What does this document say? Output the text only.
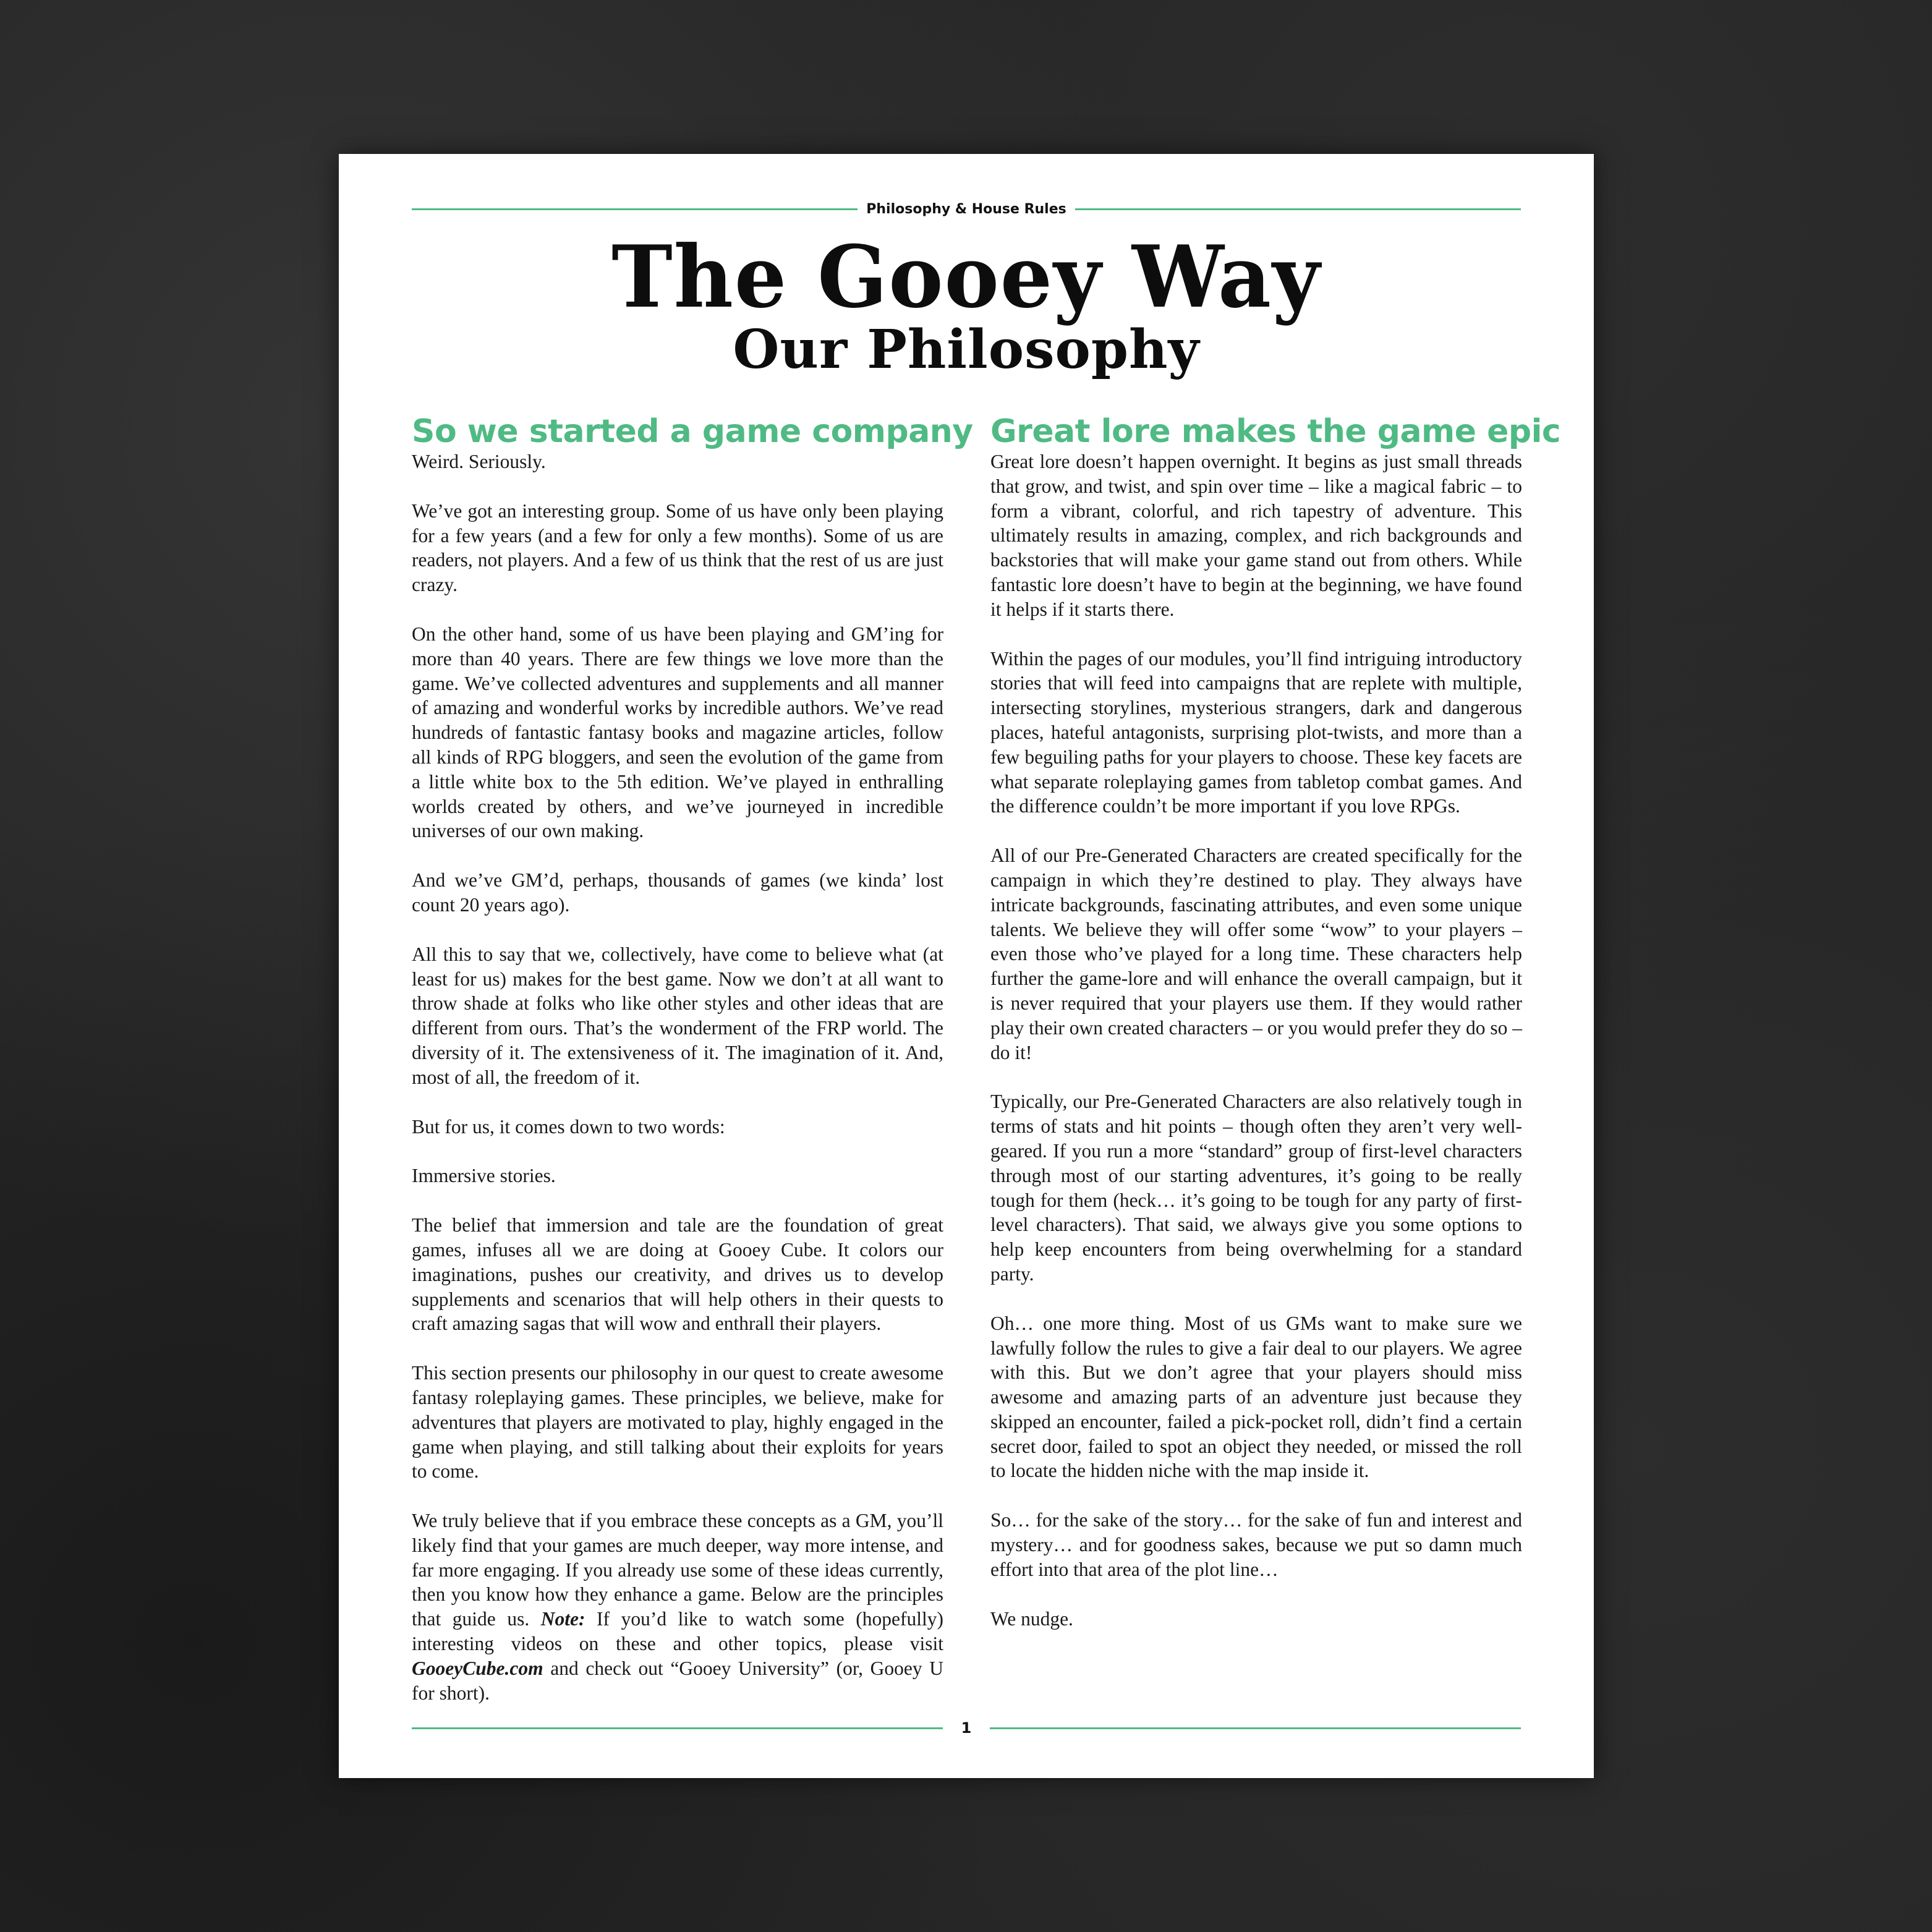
Philosophy & House Rules
The Gooey Way
Our Philosophy
So we started a game company

Weird. Seriously.

We’ve got an interesting group. Some of us have only been playing for a few years (and a few for only a few months). Some of us are readers, not players. And a few of us think that the rest of us are just crazy.

On the other hand, some of us have been playing and GM’ing for more than 40 years. There are few things we love more than the game. We’ve collected adventures and supplements and all manner of amazing and wonderful works by incredible authors. We’ve read hundreds of fantastic fantasy books and magazine articles, follow all kinds of RPG bloggers, and seen the evolution of the game from a little white box to the 5th edition. We’ve played in enthralling worlds created by others, and we’ve journeyed in incredible universes of our own making.

And we’ve GM’d, perhaps, thousands of games (we kinda’ lost count 20 years ago).

All this to say that we, collectively, have come to believe what (at least for us) makes for the best game. Now we don’t at all want to throw shade at folks who like other styles and other ideas that are different from ours. That’s the wonderment of the FRP world. The diversity of it. The extensiveness of it. The imagination of it. And, most of all, the freedom of it.

But for us, it comes down to two words:

Immersive stories.

The belief that immersion and tale are the foundation of great games, infuses all we are doing at Gooey Cube. It colors our imaginations, pushes our creativity, and drives us to develop supplements and scenarios that will help others in their quests to craft amazing sagas that will wow and enthrall their players.

This section presents our philosophy in our quest to create awesome fantasy roleplaying games. These principles, we believe, make for adventures that players are motivated to play, highly engaged in the game when playing, and still talking about their exploits for years to come.

We truly believe that if you embrace these concepts as a GM, you’ll likely find that your games are much deeper, way more intense, and far more engaging. If you already use some of these ideas currently, then you know how they enhance a game. Below are the principles that guide us. Note: If you’d like to watch some (hopefully) interesting videos on these and other topics, please visit GooeyCube.com and check out “Gooey University” (or, Gooey U for short).

Great lore makes the game epic

Great lore doesn’t happen overnight. It begins as just small threads that grow, and twist, and spin over time – like a magical fabric – to form a vibrant, colorful, and rich tapestry of adventure. This ultimately results in amazing, complex, and rich backgrounds and backstories that will make your game stand out from others. While fantastic lore doesn’t have to begin at the beginning, we have found it helps if it starts there.

Within the pages of our modules, you’ll find intriguing introductory stories that will feed into campaigns that are replete with multiple, intersecting storylines, mysterious strangers, dark and dangerous places, hateful antagonists, surprising plot-twists, and more than a few beguiling paths for your players to choose. These key facets are what separate roleplaying games from tabletop combat games. And the difference couldn’t be more important if you love RPGs.

All of our Pre-Generated Characters are created specifically for the campaign in which they’re destined to play. They always have intricate backgrounds, fascinating attributes, and even some unique talents. We believe they will offer some “wow” to your players – even those who’ve played for a long time. These characters help further the game-lore and will enhance the overall campaign, but it is never required that your players use them. If they would rather play their own created characters – or you would prefer they do so – do it!

Typically, our Pre-Generated Characters are also relatively tough in terms of stats and hit points – though often they aren’t very well-geared. If you run a more “standard” group of first-level characters through most of our starting adventures, it’s going to be really tough for them (heck… it’s going to be tough for any party of first-level characters). That said, we always give you some options to help keep encounters from being overwhelming for a standard party.

Oh… one more thing. Most of us GMs want to make sure we lawfully follow the rules to give a fair deal to our players. We agree with this. But we don’t agree that your players should miss awesome and amazing parts of an adventure just because they skipped an encounter, failed a pick-pocket roll, didn’t find a certain secret door, failed to spot an object they needed, or missed the roll to locate the hidden niche with the map inside it.

So… for the sake of the story… for the sake of fun and interest and mystery… and for goodness sakes, because we put so damn much effort into that area of the plot line…

We nudge.

1
